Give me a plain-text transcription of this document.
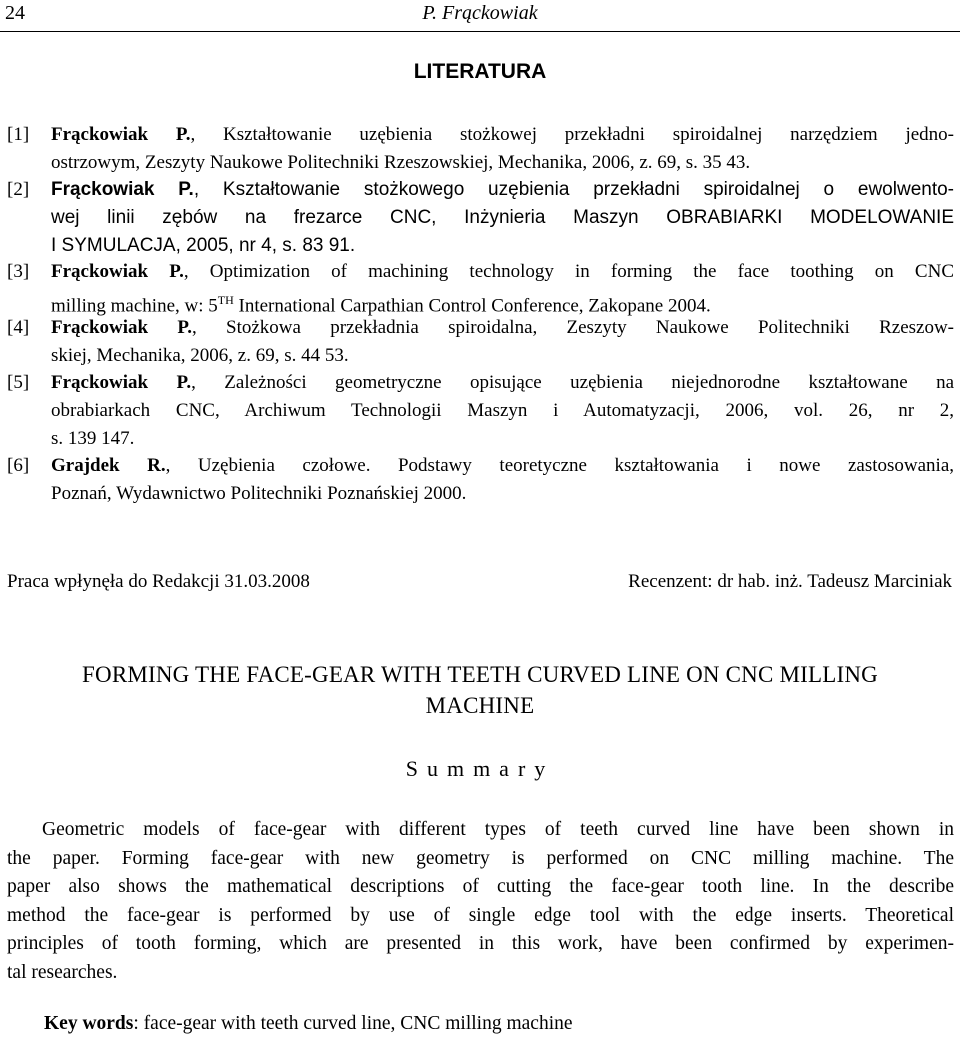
24	P. Frąckowiak
LITERATURA
[1] Frąckowiak P., Kształtowanie uzębienia stożkowej przekładni spiroidalnej narzędziem jedno-
ostrzowym, Zeszyty Naukowe Politechniki Rzeszowskiej, Mechanika, 2006, z. 69, s. 35 43.
[2] Frąckowiak P., Kształtowanie stożkowego uzębienia przekładni spiroidalnej o ewolwento-
wej linii zębów na frezarce CNC, Inżynieria Maszyn OBRABIARKI MODELOWANIE
I SYMULACJA, 2005, nr 4, s. 83 91.
[3] Frąckowiak P., Optimization of machining technology in forming the face toothing on CNC
milling machine, w: 5TH International Carpathian Control Conference, Zakopane 2004.
[4] Frąckowiak P., Stożkowa przekładnia spiroidalna, Zeszyty Naukowe Politechniki Rzeszow-
skiej, Mechanika, 2006, z. 69, s. 44 53.
[5] Frąckowiak P., Zależności geometryczne opisujące uzębienia niejednorodne kształtowane na
obrabiarkach CNC, Archiwum Technologii Maszyn i Automatyzacji, 2006, vol. 26, nr 2,
s. 139 147.
[6] Grajdek R., Uzębienia czołowe. Podstawy teoretyczne kształtowania i nowe zastosowania,
Poznań, Wydawnictwo Politechniki Poznańskiej 2000.
Praca wpłynęła do Redakcji 31.03.2008	Recenzent: dr hab. inż. Tadeusz Marciniak
FORMING THE FACE-GEAR WITH TEETH CURVED LINE ON CNC MILLING
MACHINE
Summary
Geometric models of face-gear with different types of teeth curved line have been shown in
the paper. Forming face-gear with new geometry is performed on CNC milling machine. The
paper also shows the mathematical descriptions of cutting the face-gear tooth line. In the describe
method the face-gear is performed by use of single edge tool with the edge inserts. Theoretical
principles of tooth forming, which are presented in this work, have been confirmed by experimen-
tal researches.
Key words: face-gear with teeth curved line, CNC milling machine
